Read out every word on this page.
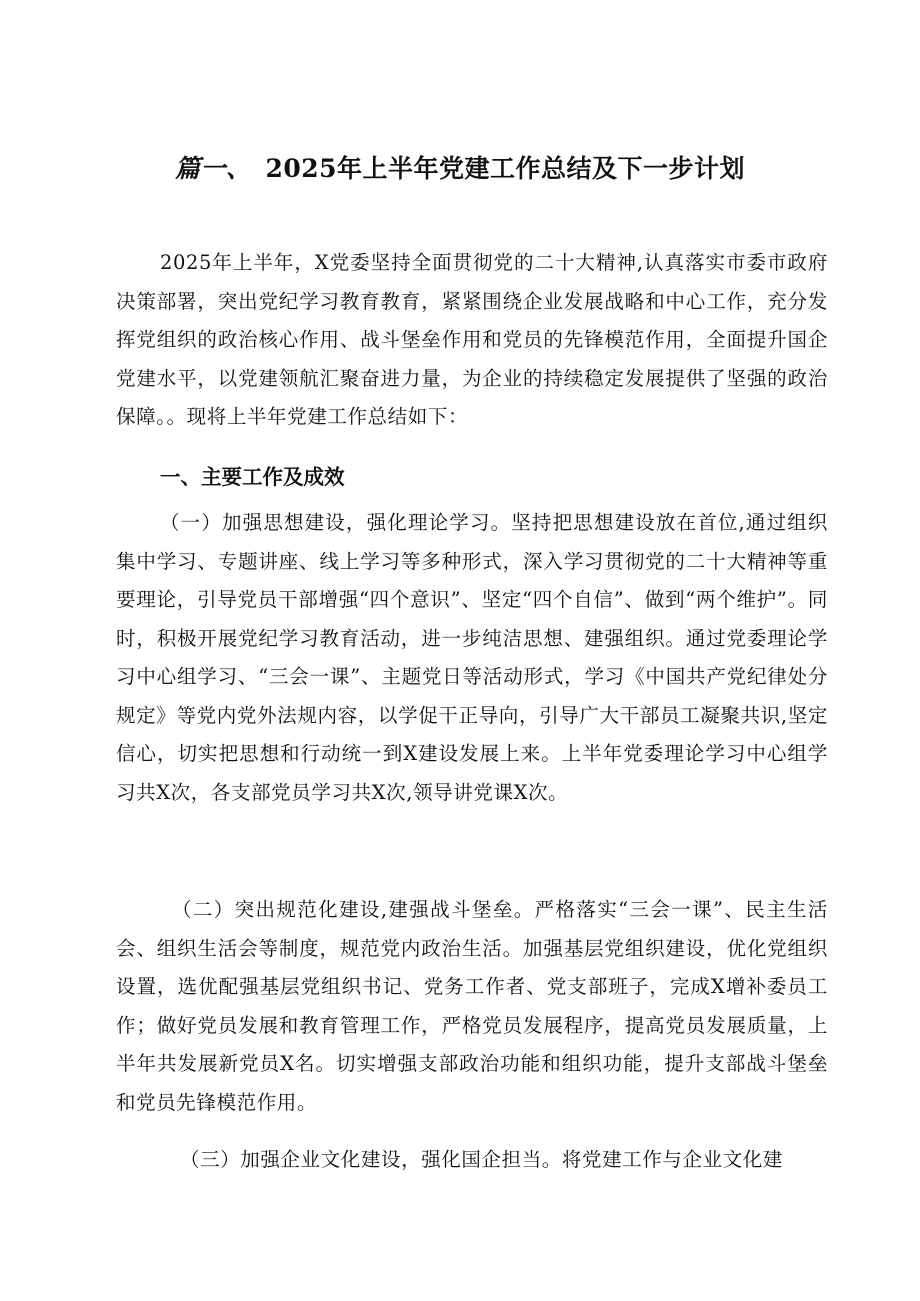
篇一、 2025年上半年党建工作总结及下一步计划
2025年上半年，X党委坚持全面贯彻党的二十大精神,认真落实市委市政府决策部署，突出党纪学习教育教育，紧紧围绕企业发展战略和中心工作，充分发挥党组织的政治核心作用、战斗堡垒作用和党员的先锋模范作用，全面提升国企党建水平，以党建领航汇聚奋进力量，为企业的持续稳定发展提供了坚强的政治保障。。现将上半年党建工作总结如下：
一、主要工作及成效
（一）加强思想建设，强化理论学习。坚持把思想建设放在首位,通过组织集中学习、专题讲座、线上学习等多种形式，深入学习贯彻党的二十大精神等重要理论，引导党员干部增强“四个意识”、坚定“四个自信”、做到“两个维护”。同时，积极开展党纪学习教育活动，进一步纯洁思想、建强组织。通过党委理论学习中心组学习、“三会一课”、主题党日等活动形式，学习《中国共产党纪律处分规定》等党内党外法规内容，以学促干正导向，引导广大干部员工凝聚共识,坚定信心，切实把思想和行动统一到X建设发展上来。上半年党委理论学习中心组学习共X次，各支部党员学习共X次,领导讲党课X次。
（二）突出规范化建设,建强战斗堡垒。严格落实“三会一课”、民主生活会、组织生活会等制度，规范党内政治生活。加强基层党组织建设，优化党组织设置，选优配强基层党组织书记、党务工作者、党支部班子，完成X增补委员工作；做好党员发展和教育管理工作，严格党员发展程序，提高党员发展质量，上半年共发展新党员X名。切实增强支部政治功能和组织功能，提升支部战斗堡垒和党员先锋模范作用。
（三）加强企业文化建设，强化国企担当。将党建工作与企业文化建
